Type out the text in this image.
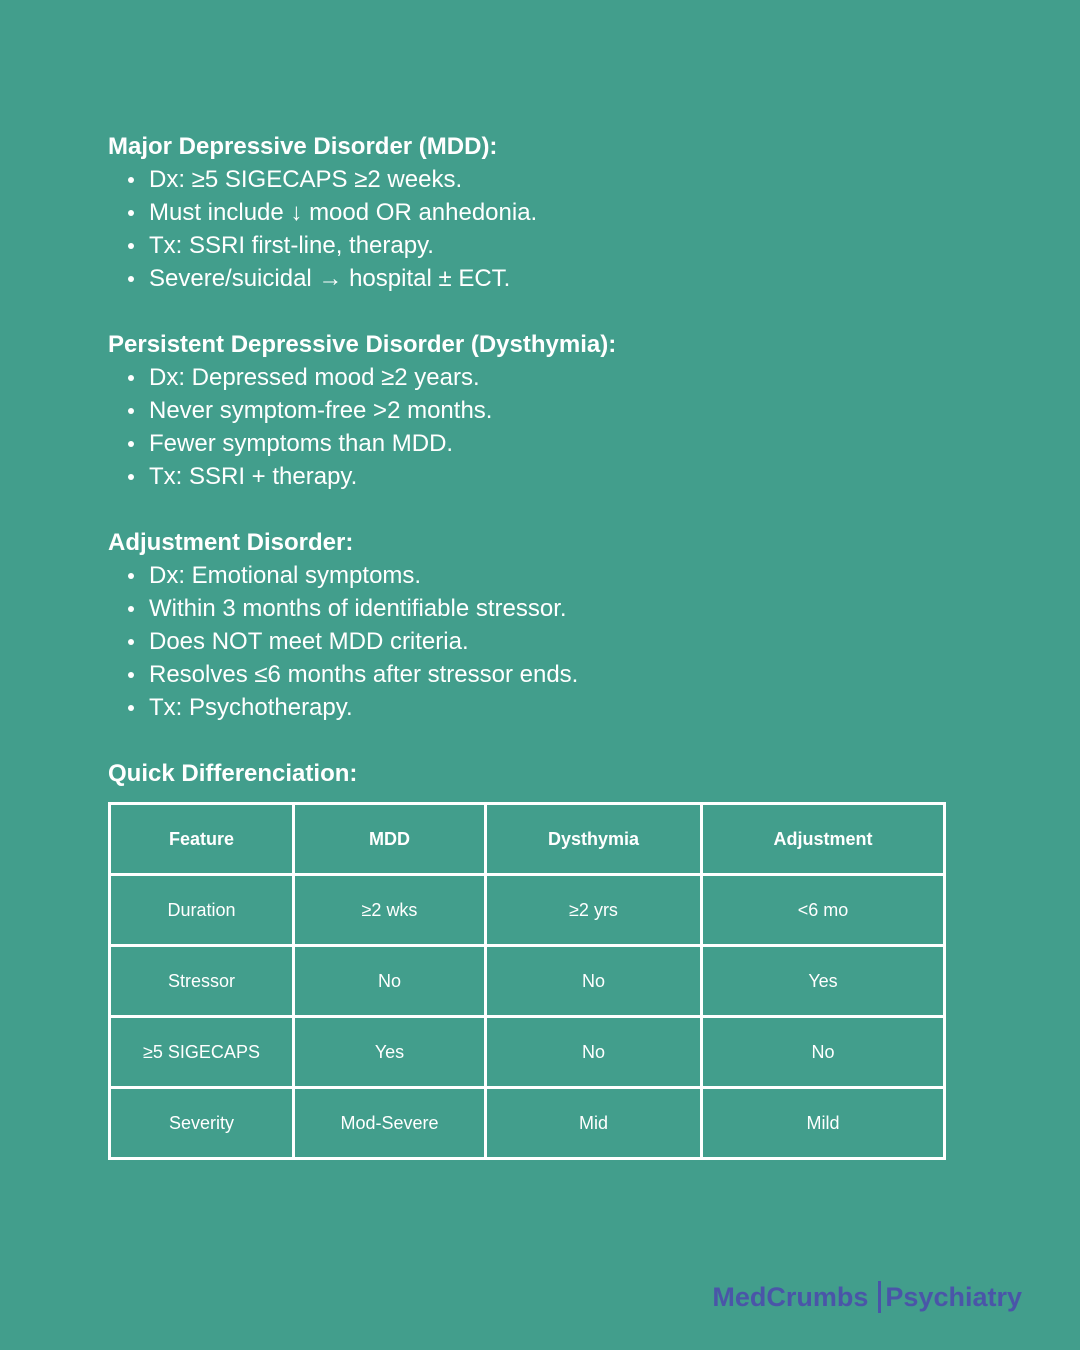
Major Depressive Disorder (MDD):
Dx: ≥5 SIGECAPS ≥2 weeks.
Must include ↓ mood OR anhedonia.
Tx: SSRI first-line, therapy.
Severe/suicidal → hospital ± ECT.
Persistent Depressive Disorder (Dysthymia):
Dx: Depressed mood ≥2 years.
Never symptom-free >2 months.
Fewer symptoms than MDD.
Tx: SSRI + therapy.
Adjustment Disorder:
Dx: Emotional symptoms.
Within 3 months of identifiable stressor.
Does NOT meet MDD criteria.
Resolves ≤6 months after stressor ends.
Tx: Psychotherapy.
Quick Differenciation:
Feature	MDD	Dysthymia	Adjustment
Duration	≥2 wks	≥2 yrs	<6 mo
Stressor	No	No	Yes
≥5 SIGECAPS	Yes	No	No
Severity	Mod-Severe	Mid	Mild
MedCrumbs Psychiatry
